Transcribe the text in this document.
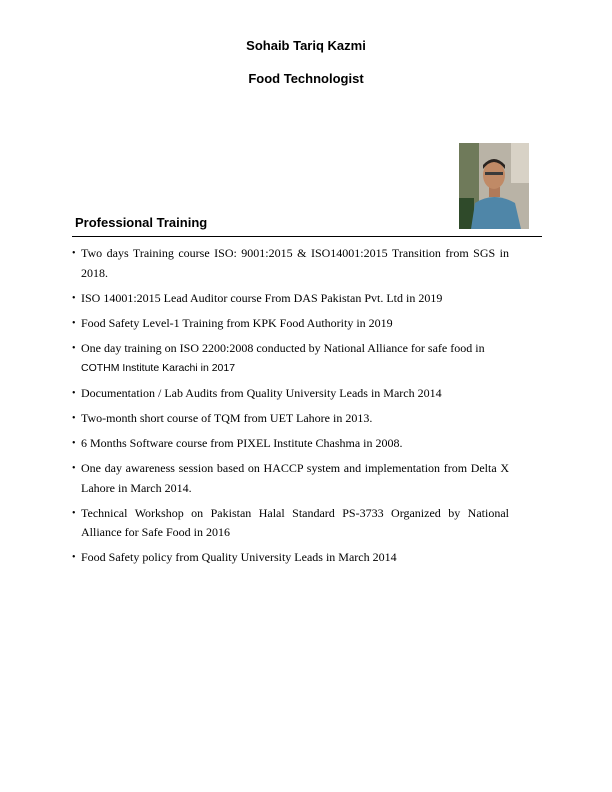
Sohaib Tariq Kazmi
Food Technologist
Professional Training
• Two days Training course ISO: 9001:2015 & ISO14001:2015 Transition from SGS in 2018.
• ISO 14001:2015 Lead Auditor course From DAS Pakistan Pvt. Ltd in 2019
• Food Safety Level-1 Training from KPK Food Authority in 2019
• One day training on ISO 2200:2008 conducted by National Alliance for safe food in
COTHM Institute Karachi in 2017
• Documentation / Lab Audits from Quality University Leads in March 2014
• Two-month short course of TQM from UET Lahore in 2013.
• 6 Months Software course from PIXEL Institute Chashma in 2008.
• One day awareness session based on HACCP system and implementation from Delta X Lahore in March 2014.
• Technical Workshop on Pakistan Halal Standard PS-3733 Organized by National Alliance for Safe Food in 2016
• Food Safety policy from Quality University Leads in March 2014
